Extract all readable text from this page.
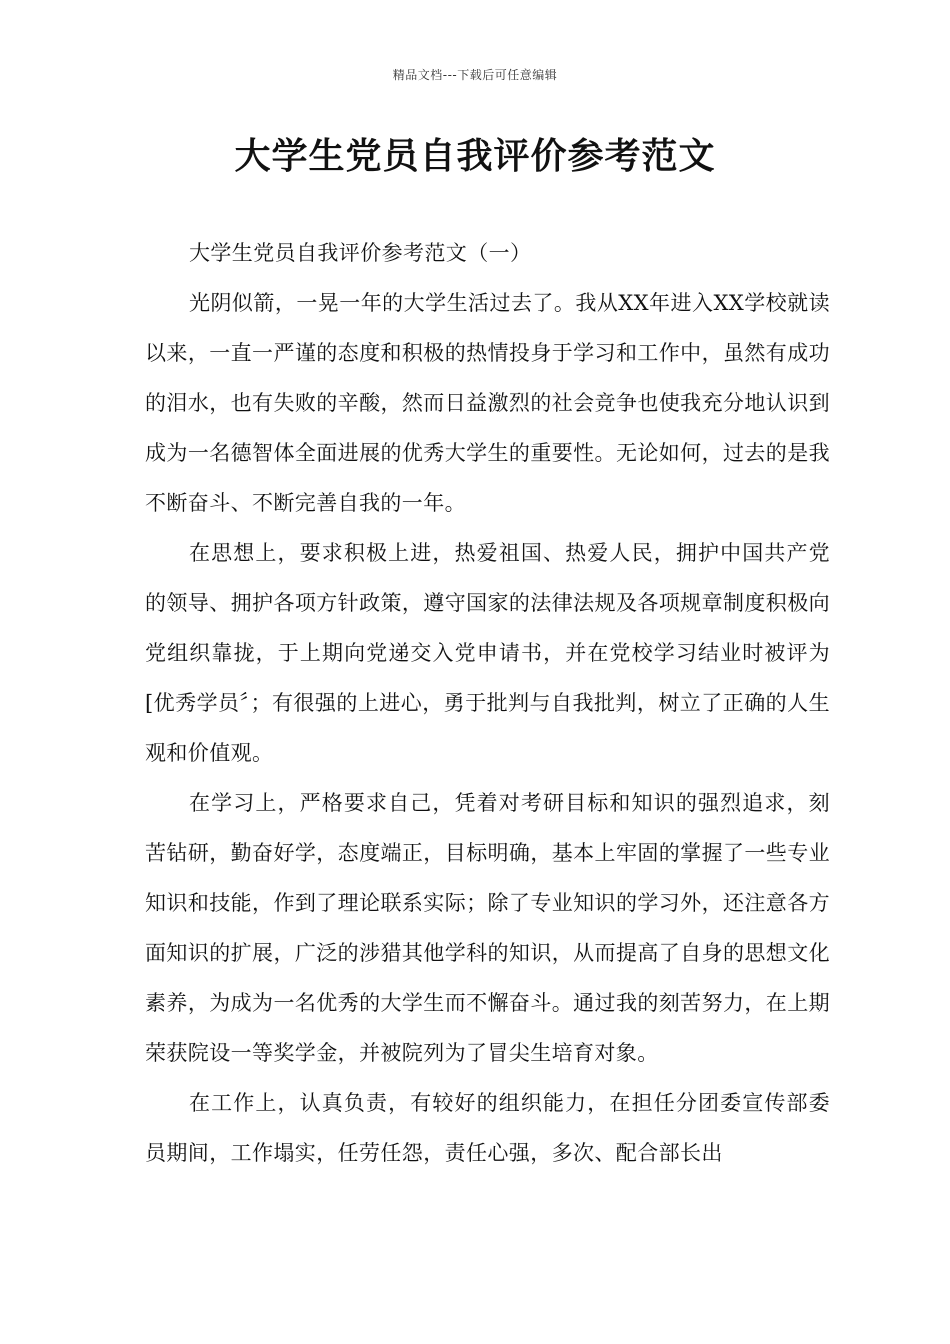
精品文档---下载后可任意编辑
大学生党员自我评价参考范文

大学生党员自我评价参考范文（一）

光阴似箭，一晃一年的大学生活过去了。我从XX年进入XX学校就读以来，一直一严谨的态度和积极的热情投身于学习和工作中，虽然有成功的泪水，也有失败的辛酸，然而日益激烈的社会竞争也使我充分地认识到成为一名德智体全面进展的优秀大学生的重要性。无论如何，过去的是我不断奋斗、不断完善自我的一年。

在思想上，要求积极上进，热爱祖国、热爱人民，拥护中国共产党的领导、拥护各项方针政策，遵守国家的法律法规及各项规章制度积极向党组织靠拢，于上期向党递交入党申请书，并在党校学习结业时被评为[优秀学员〞；有很强的上进心，勇于批判与自我批判，树立了正确的人生观和价值观。

在学习上，严格要求自己，凭着对考研目标和知识的强烈追求，刻苦钻研，勤奋好学，态度端正，目标明确，基本上牢固的掌握了一些专业知识和技能，作到了理论联系实际；除了专业知识的学习外，还注意各方面知识的扩展，广泛的涉猎其他学科的知识，从而提高了自身的思想文化素养，为成为一名优秀的大学生而不懈奋斗。通过我的刻苦努力，在上期荣获院设一等奖学金，并被院列为了冒尖生培育对象。

在工作上，认真负责，有较好的组织能力，在担任分团委宣传部委员期间，工作塌实，任劳任怨，责任心强，多次、配合部长出
